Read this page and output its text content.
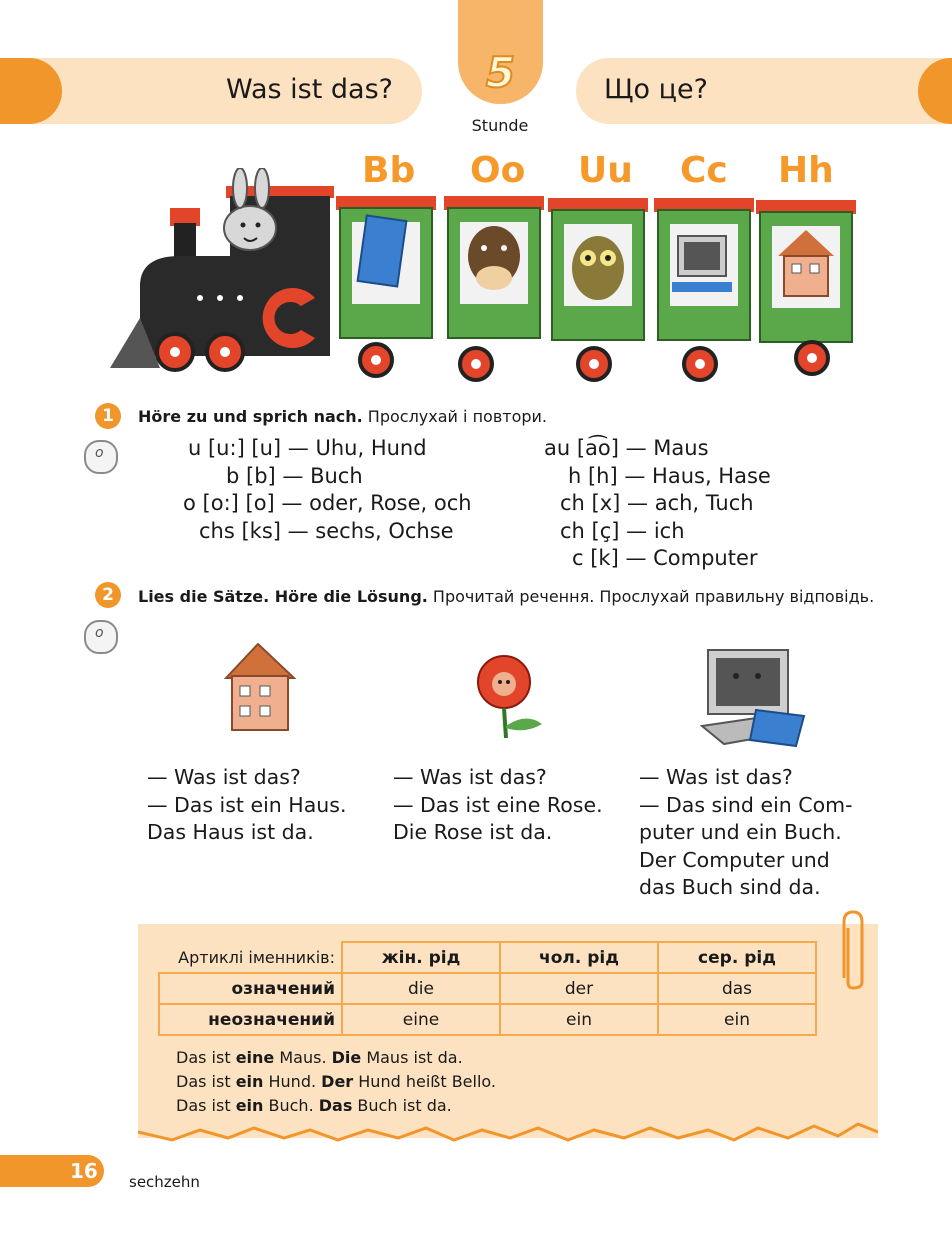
Was ist das?	Що це?
5
Stunde
Bb Oo Uu Cc Hh
1
o	Höre zu und sprich nach. Прослухай і повтори.
u [u:] [u] — Uhu, Hund
b [b] — Buch
o [o:] [o] — oder, Rose, och
chs [ks] — sechs, Ochse
au [a͡o] — Maus
h [h] — Haus, Hase
ch [x] — ach, Tuch
ch [ç] — ich
c [k] — Computer
2
o	Lies die Sätze. Höre die Lösung. Прочитай речення. Прослухай правильну відповідь.
— Was ist das?
— Das ist ein Haus.
Das Haus ist da.
— Was ist das?
— Das ist eine Rose.
Die Rose ist da.
— Was ist das?
— Das sind ein Com-
puter und ein Buch.
Der Computer und
das Buch sind da.
Артиклі іменників:	жін. рід	чол. рід	сер. рід
означений	die	der	das
неозначений	eine	ein	ein
Das ist eine Maus. Die Maus ist da.
Das ist ein Hund. Der Hund heißt Bello.
Das ist ein Buch. Das Buch ist da.
16 sechzehn
